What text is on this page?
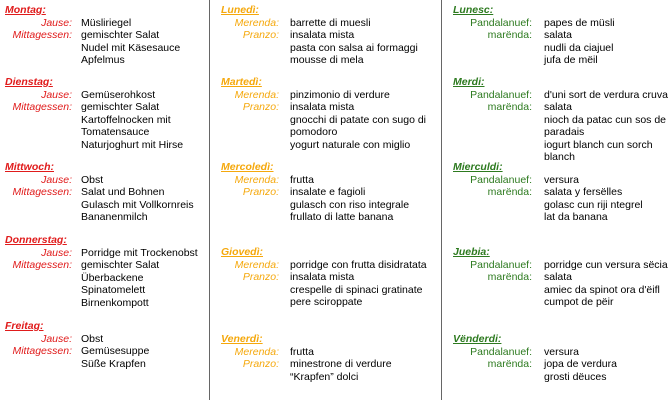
Montag:
Jause: Müsliriegel
Mittagessen: gemischter Salat
Nudel mit Käsesauce
Apfelmus
Dienstag:
Jause: Gemüserohkost
Mittagessen: gemischter Salat
Kartoffelnocken mit
Tomatensauce
Naturjoghurt mit Hirse
Mittwoch:
Jause: Obst
Mittagessen: Salat und Bohnen
Gulasch mit Vollkornreis
Bananenmilch
Donnerstag:
Jause: Porridge mit Trockenobst
Mittagessen: gemischter Salat
Überbackene
Spinatomelett
Birnenkompott
Freitag:
Jause: Obst
Mittagessen: Gemüsesuppe
Süße Krapfen
Lunedì:
Merenda: barrette di muesli
Pranzo: insalata mista
pasta con salsa ai formaggi
mousse di mela
Martedì:
Merenda: pinzimonio di verdure
Pranzo: insalata mista
gnocchi di patate con sugo di
pomodoro
yogurt naturale con miglio
Mercoledì:
Merenda: frutta
Pranzo: insalate e fagioli
gulasch con riso integrale
frullato di latte banana
Giovedì:
Merenda: porridge con frutta disidratata
Pranzo: insalata mista
crespelle di spinaci gratinate
pere sciroppate
Venerdì:
Merenda: frutta
Pranzo: minestrone di verdure
“Krapfen” dolci
Lunesc:
Pandalanuef: papes de müsli
marënda: salata
nudli da ciajuel
jufa de mëil
Merdi:
Pandalanuef: d'uni sort de verdura cruva
marënda: salata
nioch da patac cun sos de
paradais
iogurt blanch cun sorch
blanch
Mierculdi:
Pandalanuef: versura
marënda: salata y fersëlles
golasc cun riji ntegrel
lat da banana
Juebia:
Pandalanuef: porridge cun versura sëcia
marënda: salata
amiec da spinot ora d'ëifl
cumpot de pëir
Vënderdi:
Pandalanuef: versura
marënda: jopa de verdura
grosti dëuces
